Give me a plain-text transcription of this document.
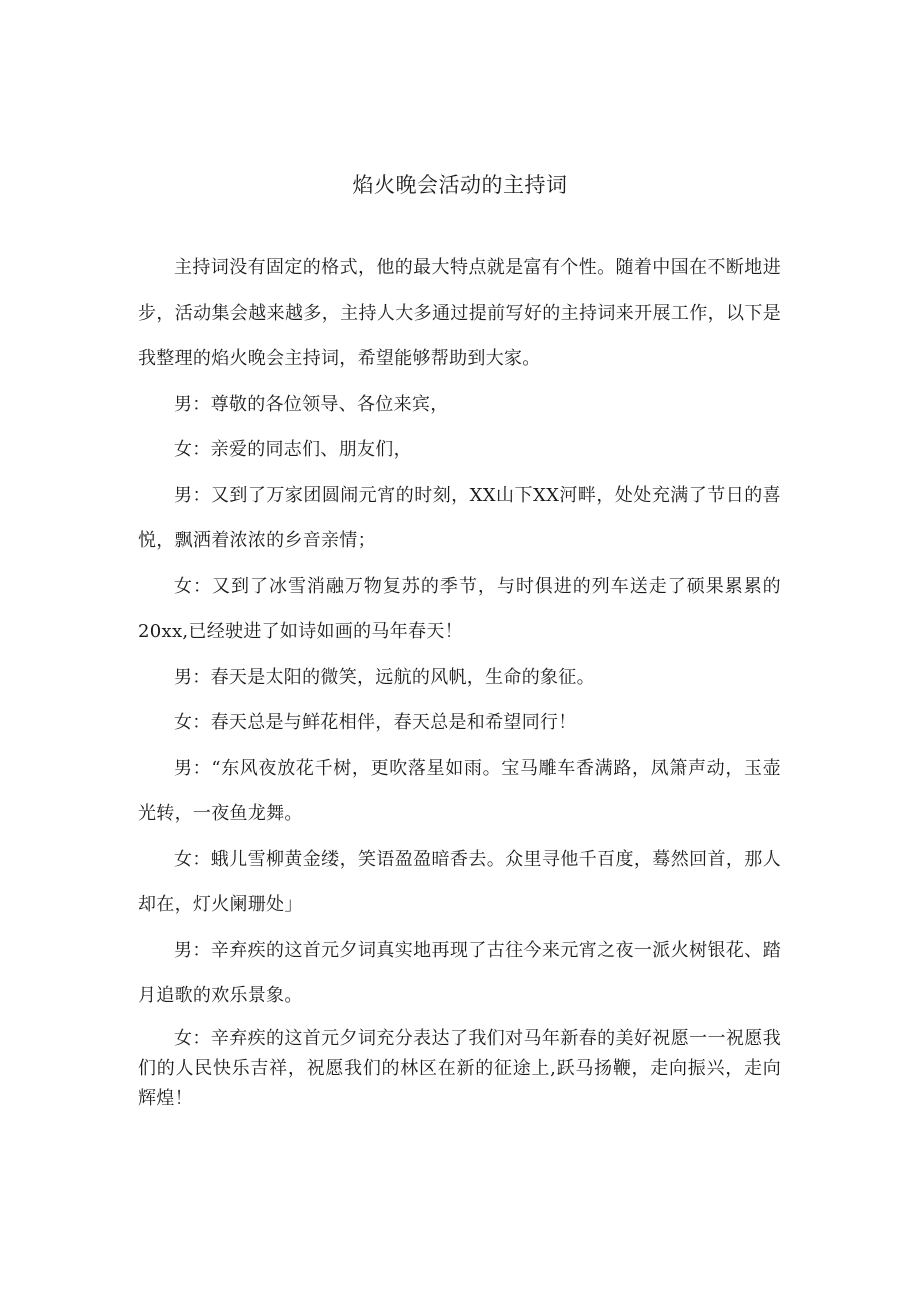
焰火晚会活动的主持词

主持词没有固定的格式，他的最大特点就是富有个性。随着中国在不断地进步，活动集会越来越多，主持人大多通过提前写好的主持词来开展工作，以下是我整理的焰火晚会主持词，希望能够帮助到大家。

男：尊敬的各位领导、各位来宾，

女：亲爱的同志们、朋友们，

男：又到了万家团圆闹元宵的时刻，XX山下XX河畔，处处充满了节日的喜悦，飘洒着浓浓的乡音亲情；

女：又到了冰雪消融万物复苏的季节，与时俱进的列车送走了硕果累累的20xx,已经驶进了如诗如画的马年春天！

男：春天是太阳的微笑，远航的风帆，生命的象征。

女：春天总是与鲜花相伴，春天总是和希望同行！

男：“东风夜放花千树，更吹落星如雨。宝马雕车香满路，凤箫声动，玉壶光转，一夜鱼龙舞。

女：蛾儿雪柳黄金缕，笑语盈盈暗香去。众里寻他千百度，蓦然回首，那人却在，灯火阑珊处」

男：辛弃疾的这首元夕词真实地再现了古往今来元宵之夜一派火树银花、踏月追歌的欢乐景象。

女：辛弃疾的这首元夕词充分表达了我们对马年新春的美好祝愿一一祝愿我们的人民快乐吉祥，祝愿我们的林区在新的征途上,跃马扬鞭，走向振兴，走向辉煌！
